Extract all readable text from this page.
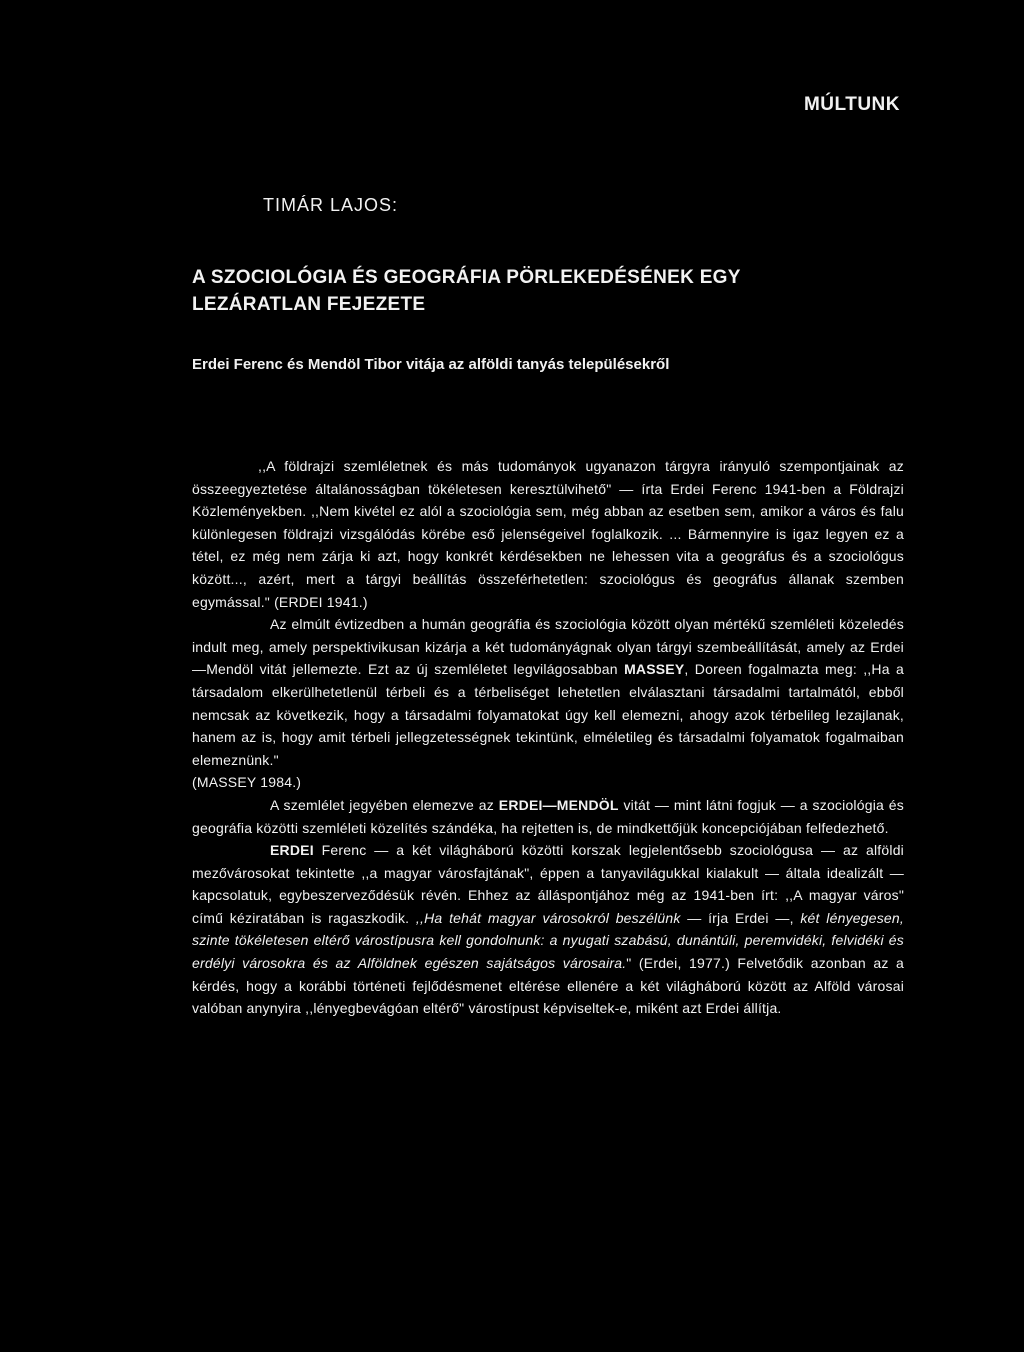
MÚLTUNK
TIMÁR LAJOS:
A SZOCIOLÓGIA ÉS GEOGRÁFIA PÖRLEKEDÉSÉNEK EGY
LEZÁRATLAN FEJEZETE
Erdei Ferenc és Mendöl Tibor vitája az alföldi tanyás településekről

,,A földrajzi szemléletnek és más tudományok ugyanazon tárgyra irányuló szempontjainak az összeegyeztetése általánosságban tökéletesen keresztülvihető" — írta Erdei Ferenc 1941-ben a Földrajzi Közleményekben. ,,Nem kivétel ez alól a szociológia sem, még abban az esetben sem, amikor a város és falu különlegesen földrajzi vizsgálódás körébe eső jelenségeivel foglalkozik. ... Bármennyire is igaz legyen ez a tétel, ez még nem zárja ki azt, hogy konkrét kérdésekben ne lehessen vita a geográfus és a szociológus között..., azért, mert a tárgyi beállítás összeférhetetlen: szociológus és geográfus állanak szemben egymással." (ERDEI 1941.)

Az elmúlt évtizedben a humán geográfia és szociológia között olyan mértékű szemléleti közeledés indult meg, amely perspektivikusan kizárja a két tudományágnak olyan tárgyi szembeállítását, amely az Erdei—Mendöl vitát jellemezte. Ezt az új szemléletet legvilágosabban MASSEY, Doreen fogalmazta meg: ,,Ha a társadalom elkerülhetetlenül térbeli és a térbeliséget lehetetlen elválasztani társadalmi tartalmától, ebből nemcsak az következik, hogy a társadalmi folyamatokat úgy kell elemezni, ahogy azok térbelileg lezajlanak, hanem az is, hogy amit térbeli jellegzetességnek tekintünk, elméletileg és társadalmi folyamatok fogalmaiban elemeznünk."

(MASSEY 1984.)

A szemlélet jegyében elemezve az ERDEI—MENDÖL vitát — mint látni fogjuk — a szociológia és geográfia közötti szemléleti közelítés szándéka, ha rejtetten is, de mindkettőjük koncepciójában felfedezhető.

ERDEI Ferenc — a két világháború közötti korszak legjelentősebb szociológusa — az alföldi mezővárosokat tekintette ,,a magyar városfajtának", éppen a tanyavilágukkal kialakult — általa idealizált — kapcsolatuk, egybeszerveződésük révén. Ehhez az álláspontjához még az 1941-ben írt: ,,A magyar város" című kéziratában is ragaszkodik. ,,Ha tehát magyar városokról beszélünk — írja Erdei —, két lényegesen, szinte tökéletesen eltérő várostípusra kell gondolnunk: a nyugati szabású, dunántúli, peremvidéki, felvidéki és erdélyi városokra és az Alföldnek egészen sajátságos városaira." (Erdei, 1977.) Felvetődik azonban az a kérdés, hogy a korábbi történeti fejlődésmenet eltérése ellenére a két világháború között az Alföld városai valóban anynyira ,,lényegbevágóan eltérő" várostípust képviseltek-e, miként azt Erdei állítja.
